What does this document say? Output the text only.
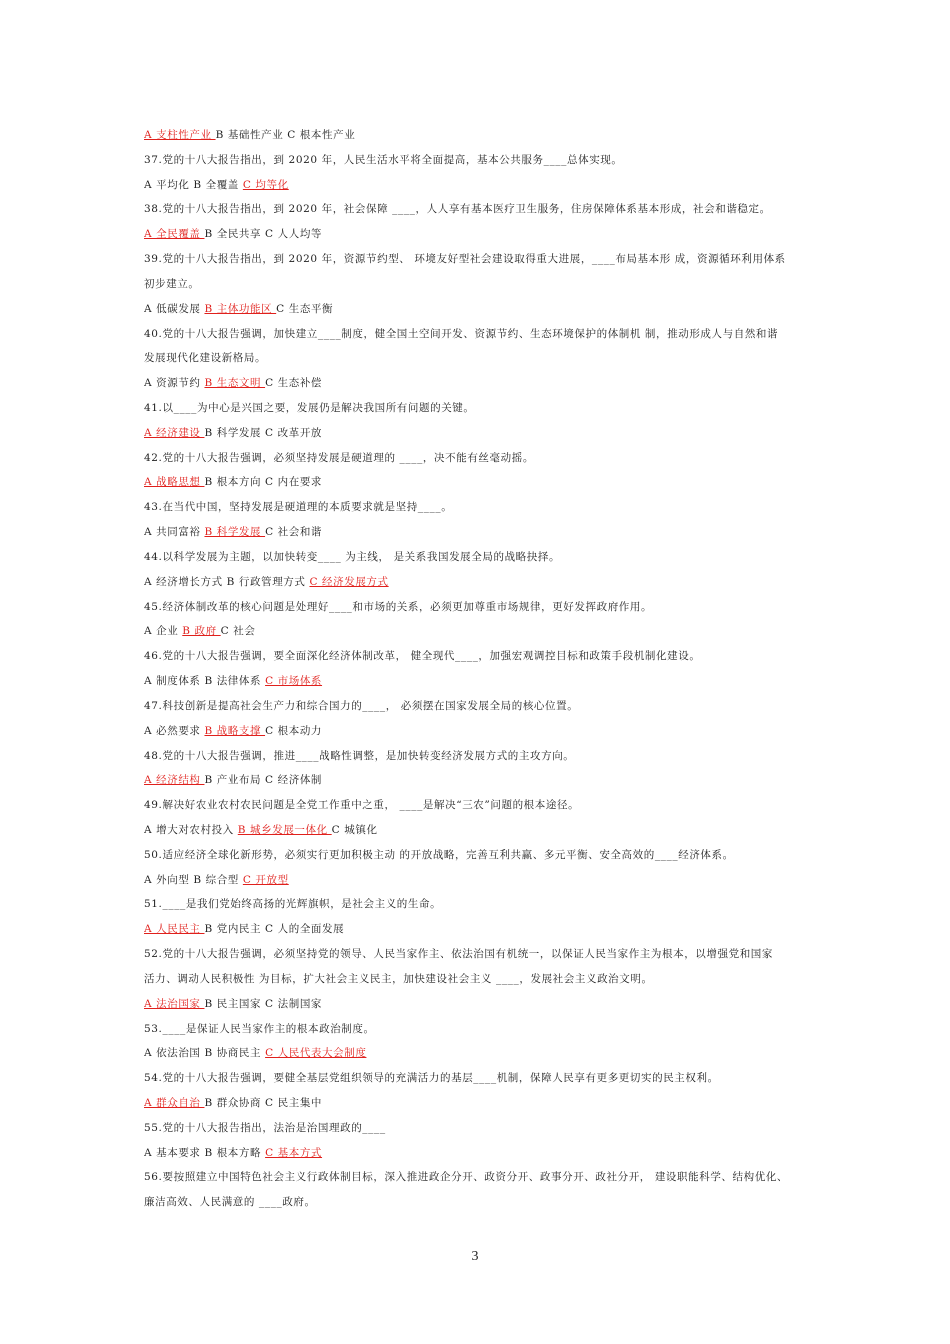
A 支柱性产业 B 基础性产业 C 根本性产业
37.党的十八大报告指出，到 2020 年，人民生活水平将全面提高，基本公共服务____总体实现。
A 平均化 B 全覆盖 C 均等化
38.党的十八大报告指出，到 2020 年，社会保障 ____，人人享有基本医疗卫生服务，住房保障体系基本形成，社会和谐稳定。
A 全民覆盖 B 全民共享 C 人人均等
39.党的十八大报告指出，到 2020 年，资源节约型、 环境友好型社会建设取得重大进展，____布局基本形 成，资源循环利用体系
初步建立。
A 低碳发展 B 主体功能区 C 生态平衡
40.党的十八大报告强调，加快建立____制度，健全国土空间开发、资源节约、生态环境保护的体制机 制，推动形成人与自然和谐
发展现代化建设新格局。
A 资源节约 B 生态文明 C 生态补偿
41.以____为中心是兴国之要，发展仍是解决我国所有问题的关键。
A 经济建设 B 科学发展 C 改革开放
42.党的十八大报告强调，必须坚持发展是硬道理的 ____，决不能有丝毫动摇。
A 战略思想 B 根本方向 C 内在要求
43.在当代中国，坚持发展是硬道理的本质要求就是坚持____。
A 共同富裕 B 科学发展 C 社会和谐
44.以科学发展为主题，以加快转变____ 为主线， 是关系我国发展全局的战略抉择。
A 经济增长方式 B 行政管理方式 C 经济发展方式
45.经济体制改革的核心问题是处理好____和市场的关系，必须更加尊重市场规律，更好发挥政府作用。
A 企业 B 政府 C 社会
46.党的十八大报告强调，要全面深化经济体制改革， 健全现代____，加强宏观调控目标和政策手段机制化建设。
A 制度体系 B 法律体系 C 市场体系
47.科技创新是提高社会生产力和综合国力的____， 必须摆在国家发展全局的核心位置。
A 必然要求 B 战略支撑 C 根本动力
48.党的十八大报告强调，推进____战略性调整，是加快转变经济发展方式的主攻方向。
A 经济结构 B 产业布局 C 经济体制
49.解决好农业农村农民问题是全党工作重中之重， ____是解决“三农”问题的根本途径。
A 增大对农村投入 B 城乡发展一体化 C 城镇化
50.适应经济全球化新形势，必须实行更加积极主动 的开放战略，完善互利共赢、多元平衡、安全高效的____经济体系。
A 外向型 B 综合型 C 开放型
51.____是我们党始终高扬的光辉旗帜，是社会主义的生命。
A 人民民主 B 党内民主 C 人的全面发展
52.党的十八大报告强调，必须坚持党的领导、人民当家作主、依法治国有机统一，以保证人民当家作主为根本，以增强党和国家
活力、调动人民积极性 为目标，扩大社会主义民主，加快建设社会主义 ____，发展社会主义政治文明。
A 法治国家 B 民主国家 C 法制国家
53.____是保证人民当家作主的根本政治制度。
A 依法治国 B 协商民主 C 人民代表大会制度
54.党的十八大报告强调，要健全基层党组织领导的充满活力的基层____机制，保障人民享有更多更切实的民主权利。
A 群众自治 B 群众协商 C 民主集中
55.党的十八大报告指出，法治是治国理政的____
A 基本要求 B 根本方略 C 基本方式
56.要按照建立中国特色社会主义行政体制目标，深入推进政企分开、政资分开、政事分开、政社分开， 建设职能科学、结构优化、
廉洁高效、人民满意的 ____政府。
3
